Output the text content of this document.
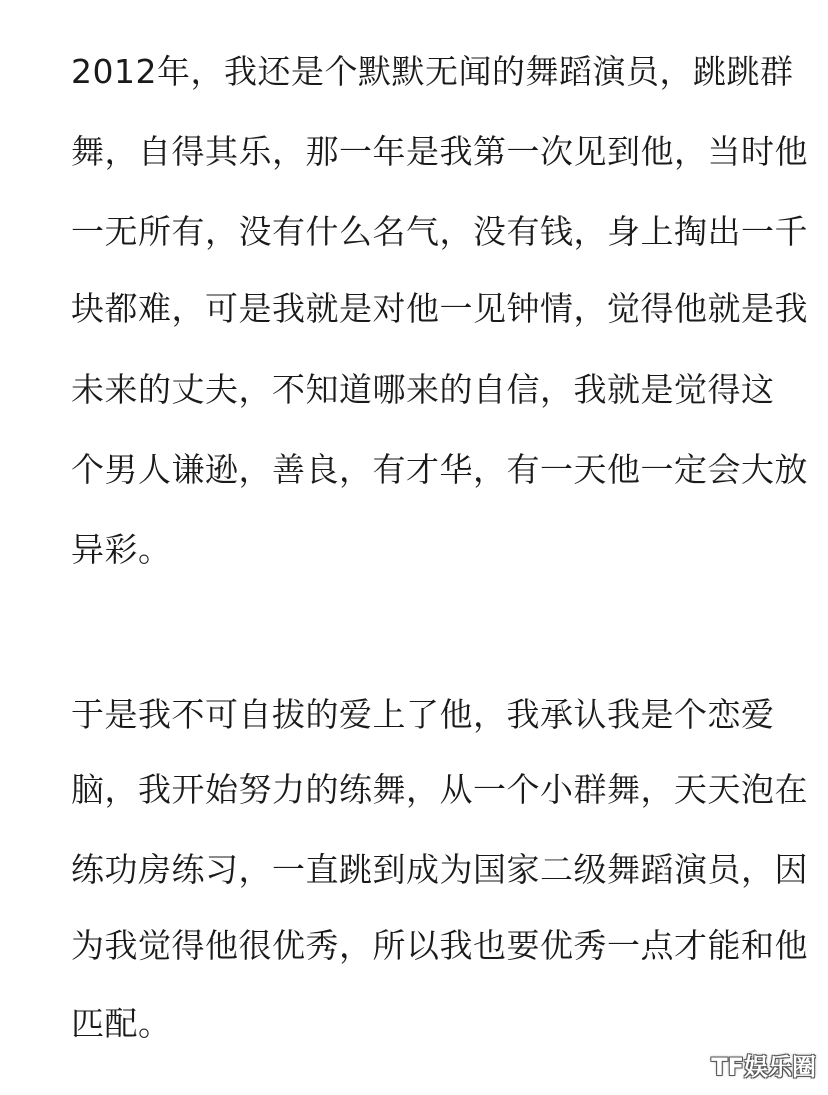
2012年，我还是个默默无闻的舞蹈演员，跳跳群
舞，自得其乐，那一年是我第一次见到他，当时他
一无所有，没有什么名气，没有钱，身上掏出一千
块都难，可是我就是对他一见钟情，觉得他就是我
未来的丈夫，不知道哪来的自信，我就是觉得这
个男人谦逊，善良，有才华，有一天他一定会大放
异彩。
于是我不可自拔的爱上了他，我承认我是个恋爱
脑，我开始努力的练舞，从一个小群舞，天天泡在
练功房练习，一直跳到成为国家二级舞蹈演员，因
为我觉得他很优秀，所以我也要优秀一点才能和他
匹配。
TF娱乐圈
